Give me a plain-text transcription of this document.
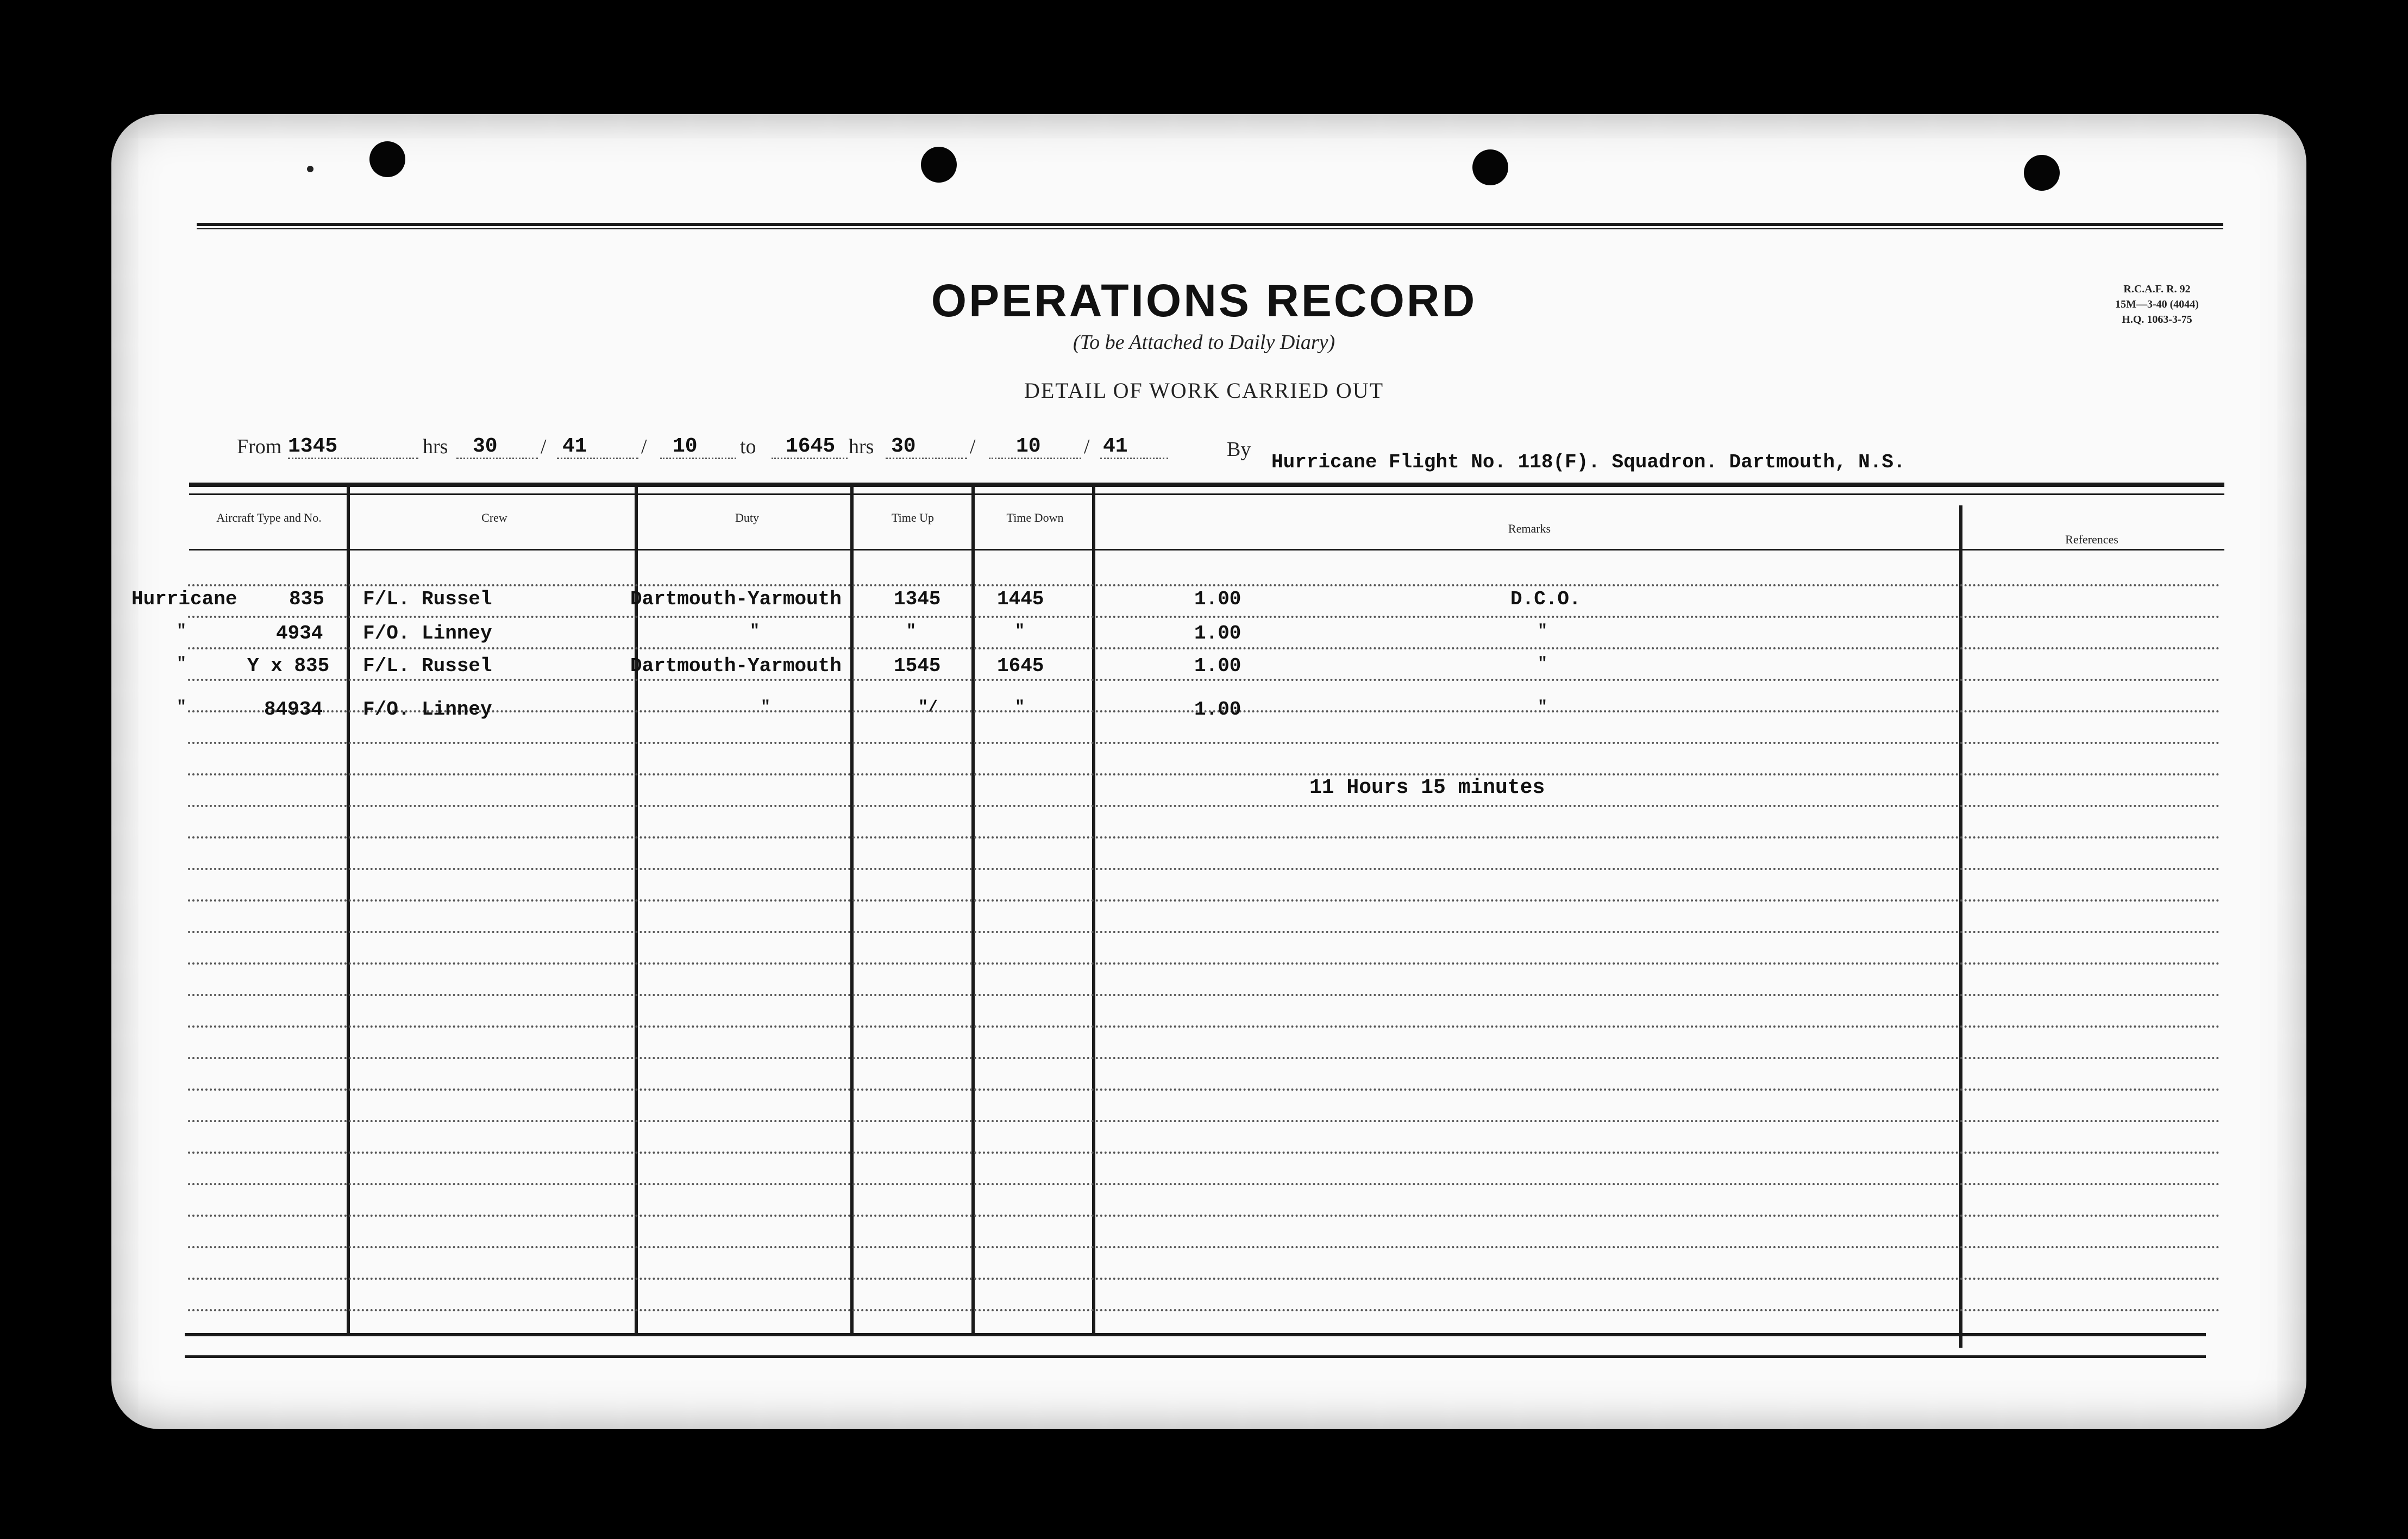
OPERATIONS RECORD
(To be Attached to Daily Diary)
DETAIL OF WORK CARRIED OUT
R.C.A.F. R. 92
15M—3-40 (4044)
H.Q. 1063-3-75
From 1345	hrs 30 / 41	/ 10 to 1645 hrs 30	/ 10 / 41	By
Hurricane Flight No. 118(F). Squadron. Dartmouth, N.S.
Aircraft Type and No.	Crew	Duty	Time Up	Time Down
Remarks
References
Hurricane	835 F/L. Russel	Dartmouth-Yarmouth	1345	1445	1.00	D.C.O.
"	4934 F/O. Linney	"	"	"	1.00	"
"	Y x 835 F/L. Russel	Dartmouth-Yarmouth	1545	1645	1.00	"
"	84934 F/O. Linney	"	"/	"	1.00	"
11 Hours 15 minutes
